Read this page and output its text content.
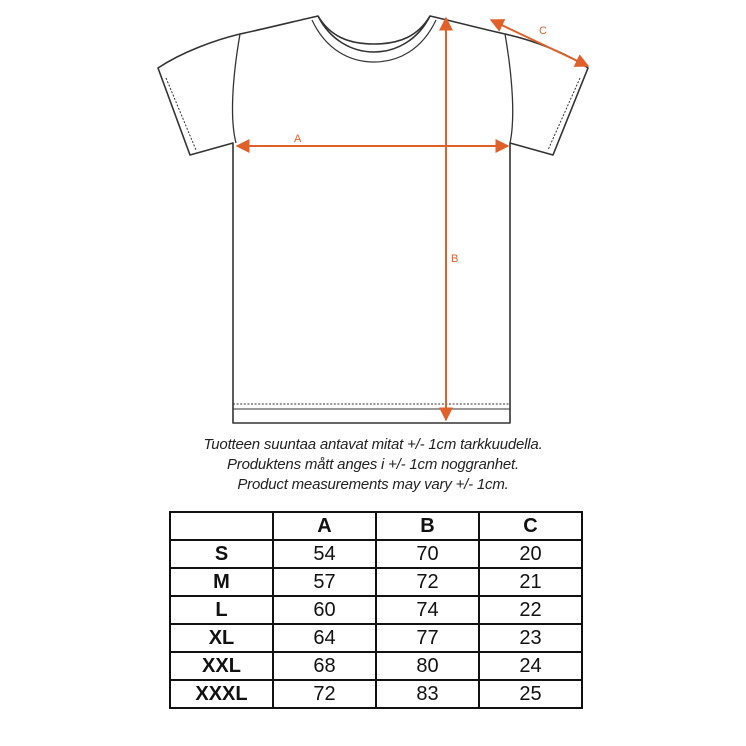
A
B
C
Tuotteen suuntaa antavat mitat +/- 1cm tarkkuudella.
Produktens mått anges i +/- 1cm noggranhet.
Product measurements may vary +/- 1cm.
	A	B	C
S	54	70	20
M	57	72	21
L	60	74	22
XL	64	77	23
XXL	68	80	24
XXXL	72	83	25
